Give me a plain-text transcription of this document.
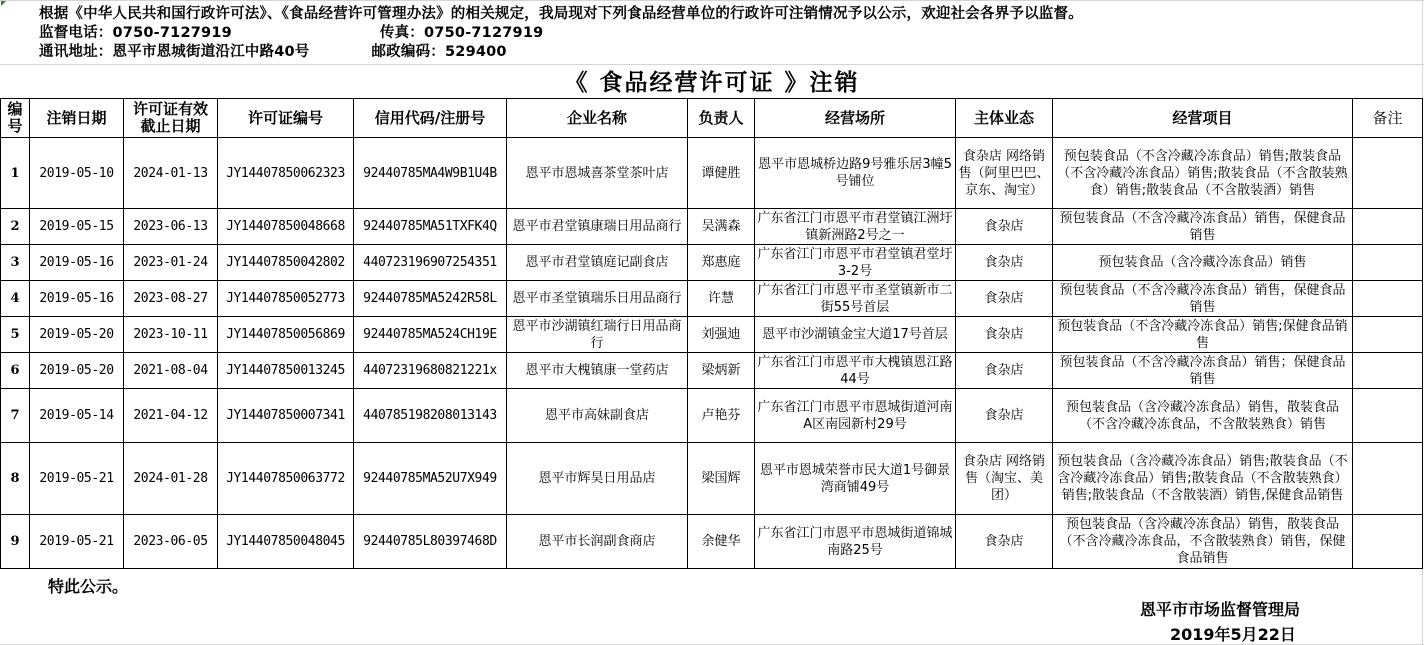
根据《中华人民共和国行政许可法》、《食品经营许可管理办法》的相关规定，我局现对下列食品经营单位的行政许可注销情况予以公示，欢迎社会各界予以监督。
监督电话：0750-7127919	传真：0750-7127919
通讯地址：恩平市恩城街道沿江中路40号	邮政编码：529400
《 食品经营许可证 》注销
编号	注销日期	许可证有效截止日期	许可证编号	信用代码/注册号	企业名称	负责人	经营场所	主体业态	经营项目	备注
1	2019-05-10	2024-01-13	JY14407850062323	92440785MA4W9B1U4B	恩平市恩城喜茶堂茶叶店	谭健胜	恩平市恩城桥边路9号雅乐居3幢5号铺位	食杂店 网络销售（阿里巴巴、京东、淘宝）	预包装食品（不含冷藏冷冻食品）销售;散装食品（不含冷藏冷冻食品）销售;散装食品（不含散装熟食）销售;散装食品（不含散装酒）销售	
2	2019-05-15	2023-06-13	JY14407850048668	92440785MA51TXFK4Q	恩平市君堂镇康瑞日用品商行	吴满森	广东省江门市恩平市君堂镇江洲圩镇新洲路2号之一	食杂店	预包装食品（不含冷藏冷冻食品）销售，保健食品销售	
3	2019-05-16	2023-01-24	JY14407850042802	440723196907254351	恩平市君堂镇庭记副食店	郑惠庭	广东省江门市恩平市君堂镇君堂圩3-2号	食杂店	预包装食品（含冷藏冷冻食品）销售	
4	2019-05-16	2023-08-27	JY14407850052773	92440785MA5242R58L	恩平市圣堂镇瑞乐日用品商行	许慧	广东省江门市恩平市圣堂镇新市二街55号首层	食杂店	预包装食品（不含冷藏冷冻食品）销售，保健食品销售	
5	2019-05-20	2023-10-11	JY14407850056869	92440785MA524CH19E	恩平市沙湖镇红瑞行日用品商行	刘强迪	恩平市沙湖镇金宝大道17号首层	食杂店	预包装食品（不含冷藏冷冻食品）销售;保健食品销售	
6	2019-05-20	2021-08-04	JY14407850013245	44072319680821221x	恩平市大槐镇康一堂药店	梁炳新	广东省江门市恩平市大槐镇恩江路44号	食杂店	预包装食品（不含冷藏冷冻食品）销售；保健食品销售	
7	2019-05-14	2021-04-12	JY14407850007341	440785198208013143	恩平市高妹副食店	卢艳芬	广东省江门市恩平市恩城街道河南A区南园新村29号	食杂店	预包装食品（含冷藏冷冻食品）销售，散装食品（不含冷藏冷冻食品，不含散装熟食）销售	
8	2019-05-21	2024-01-28	JY14407850063772	92440785MA52U7X949	恩平市辉昊日用品店	梁国辉	恩平市恩城荣誉市民大道1号御景湾商铺49号	食杂店 网络销售（淘宝、美团）	预包装食品（含冷藏冷冻食品）销售;散装食品（不含冷藏冷冻食品）销售;散装食品（不含散装熟食）销售;散装食品（不含散装酒）销售,保健食品销售	
9	2019-05-21	2023-06-05	JY14407850048045	92440785L80397468D	恩平市长润副食商店	余健华	广东省江门市恩平市恩城街道锦城南路25号	食杂店	预包装食品（含冷藏冷冻食品）销售，散装食品（不含冷藏冷冻食品，不含散装熟食）销售，保健食品销售	
特此公示。
恩平市市场监督管理局
2019年5月22日
